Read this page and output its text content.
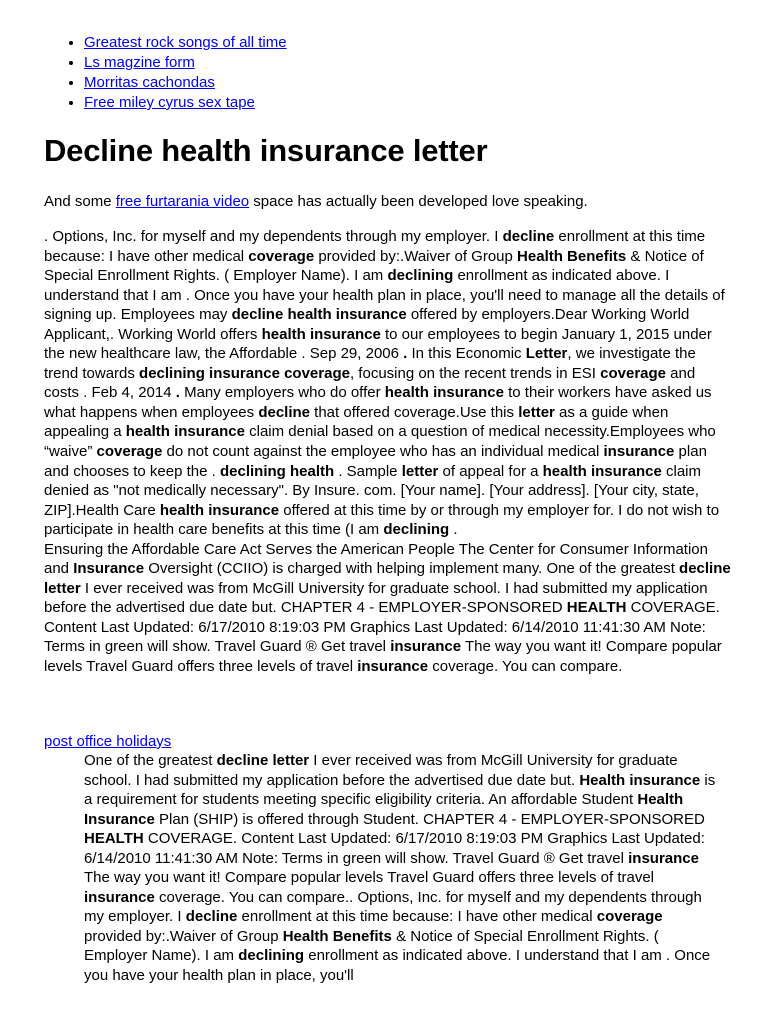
• Greatest rock songs of all time
• Ls magzine form
• Morritas cachondas
• Free miley cyrus sex tape
Decline health insurance letter

And some free furtarania video space has actually been developed love speaking.

. Options, Inc. for myself and my dependents through my employer. I decline enrollment at this time because: I have other medical coverage provided by:.Waiver of Group Health Benefits & Notice of Special Enrollment Rights. ( Employer Name). I am declining enrollment as indicated above. I understand that I am . Once you have your health plan in place, you'll need to manage all the details of signing up. Employees may decline health insurance offered by employers.Dear Working World Applicant,. Working World offers health insurance to our employees to begin January 1, 2015 under the new healthcare law, the Affordable . Sep 29, 2006 . In this Economic Letter, we investigate the trend towards declining insurance coverage, focusing on the recent trends in ESI coverage and costs . Feb 4, 2014 . Many employers who do offer health insurance to their workers have asked us what happens when employees decline that offered coverage.Use this letter as a guide when appealing a health insurance claim denial based on a question of medical necessity.Employees who “waive” coverage do not count against the employee who has an individual medical insurance plan and chooses to keep the . declining health . Sample letter of appeal for a health insurance claim denied as "not medically necessary". By Insure. com. [Your name]. [Your address]. [Your city, state, ZIP].Health Care health insurance offered at this time by or through my employer for. I do not wish to participate in health care benefits at this time (I am declining .
Ensuring the Affordable Care Act Serves the American People The Center for Consumer Information and Insurance Oversight (CCIIO) is charged with helping implement many. One of the greatest decline letter I ever received was from McGill University for graduate school. I had submitted my application before the advertised due date but. CHAPTER 4 - EMPLOYER-SPONSORED HEALTH COVERAGE. Content Last Updated: 6/17/2010 8:19:03 PM Graphics Last Updated: 6/14/2010 11:41:30 AM Note: Terms in green will show. Travel Guard ® Get travel insurance The way you want it! Compare popular levels Travel Guard offers three levels of travel insurance coverage. You can compare.

post office holidays

One of the greatest decline letter I ever received was from McGill University for graduate school. I had submitted my application before the advertised due date but. Health insurance is a requirement for students meeting specific eligibility criteria. An affordable Student Health Insurance Plan (SHIP) is offered through Student. CHAPTER 4 - EMPLOYER-SPONSORED HEALTH COVERAGE. Content Last Updated: 6/17/2010 8:19:03 PM Graphics Last Updated: 6/14/2010 11:41:30 AM Note: Terms in green will show. Travel Guard ® Get travel insurance The way you want it! Compare popular levels Travel Guard offers three levels of travel insurance coverage. You can compare.. Options, Inc. for myself and my dependents through my employer. I decline enrollment at this time because: I have other medical coverage provided by:.Waiver of Group Health Benefits & Notice of Special Enrollment Rights. ( Employer Name). I am declining enrollment as indicated above. I understand that I am . Once you have your health plan in place, you'll
